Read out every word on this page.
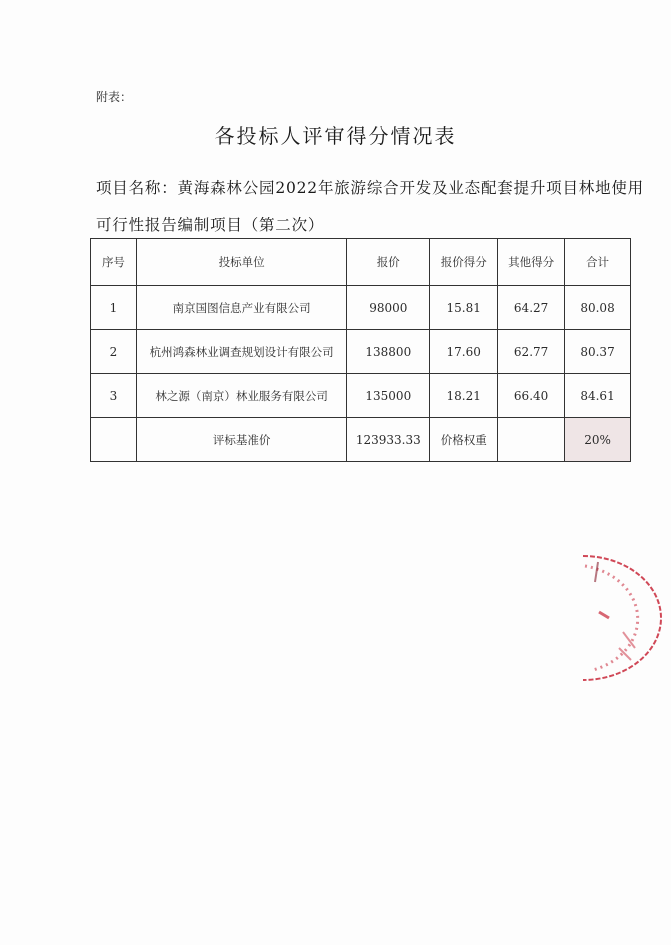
附表：
各投标人评审得分情况表
项目名称：黄海森林公园2022年旅游综合开发及业态配套提升项目林地使用可行性报告编制项目（第二次）
序号	投标单位	报价	报价得分	其他得分	合计
1	南京国图信息产业有限公司	98000	15.81	64.27	80.08
2	杭州鸿森林业调查规划设计有限公司	138800	17.60	62.77	80.37
3	林之源（南京）林业服务有限公司	135000	18.21	66.40	84.61
	评标基准价	123933.33	价格权重		20%
